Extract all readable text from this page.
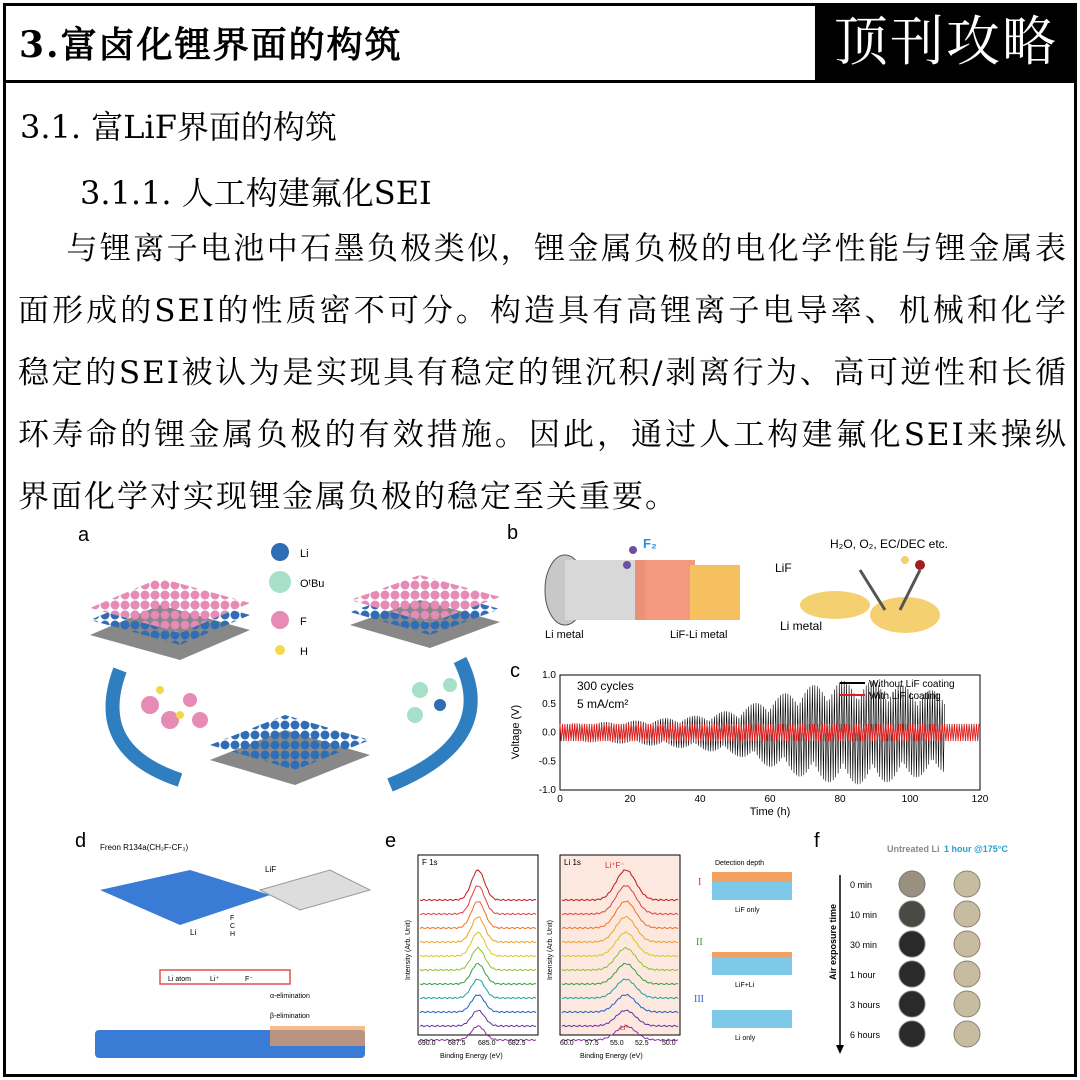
3.富卤化锂界面的构筑	顶刊攻略
3.1. 富LiF界面的构筑
3.1.1. 人工构建氟化SEI
与锂离子电池中石墨负极类似，锂金属负极的电化学性能与锂金属表面形成的SEI的性质密不可分。构造具有高锂离子电导率、机械和化学稳定的SEI被认为是实现具有稳定的锂沉积/剥离行为、高可逆性和长循环寿命的锂金属负极的有效措施。因此，通过人工构建氟化SEI来操纵界面化学对实现锂金属负极的稳定至关重要。
a
Li
OᵗBu
F
H
b	F₂
Li metal	LiF-Li metal
H₂O, O₂, EC/DEC etc.
LiF
Li metal
c
0	20	40	60	80	100	120
-1.0
-0.5
0.0
0.5
1.0
300 cycles
5 mA/cm²
Without LiF coating
With LiF coating
Time (h)
Voltage (V)
d Freon R134a(CH₂F-CF₃)
LiF
Li
F
C
H
Li atom	Li⁺	F⁻
α-elimination
β-elimination
e
F 1s	Li 1s	Li⁺F⁻
Li⁰
Intensity (Arb. Unit)	Intensity (Arb. Unit)
690.0 687.5 685.0 682.5	60.0 57.5 55.0 52.5 50.0
Binding Energy (eV)	Binding Energy (eV)
Detection depth
I
II
III
LiF only
LiF+Li
Li only
f	Untreated Li 1 hour @175°C
Air exposure time
0 min
10 min
30 min
1 hour
3 hours
6 hours
